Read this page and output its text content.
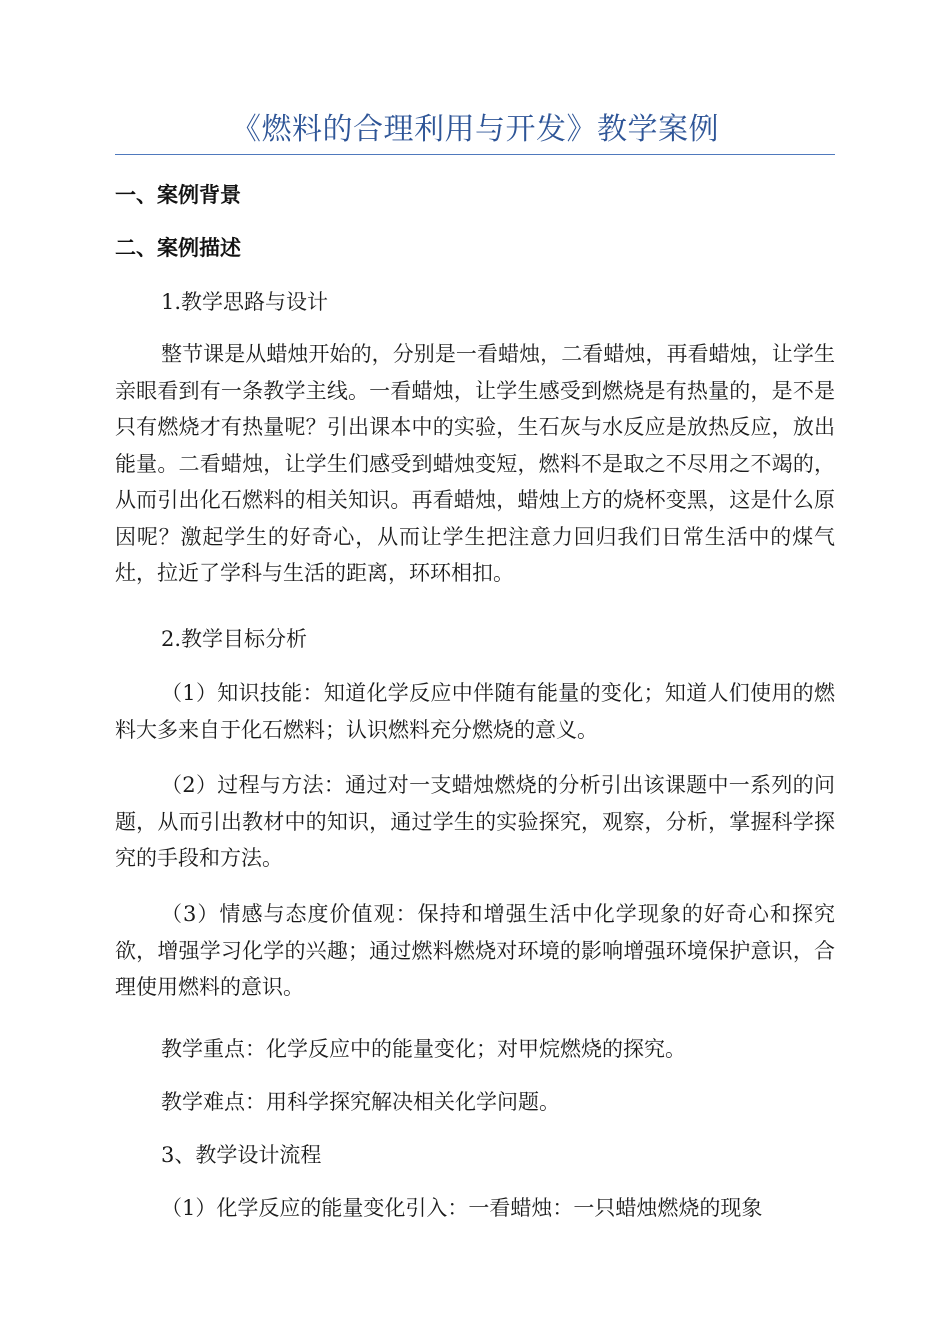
《燃料的合理利用与开发》教学案例
一、案例背景
二、案例描述
1.教学思路与设计

整节课是从蜡烛开始的，分别是一看蜡烛，二看蜡烛，再看蜡烛，让学生亲眼看到有一条教学主线。一看蜡烛，让学生感受到燃烧是有热量的，是不是只有燃烧才有热量呢？引出课本中的实验，生石灰与水反应是放热反应，放出能量。二看蜡烛，让学生们感受到蜡烛变短，燃料不是取之不尽用之不竭的，从而引出化石燃料的相关知识。再看蜡烛，蜡烛上方的烧杯变黑，这是什么原因呢？激起学生的好奇心，从而让学生把注意力回归我们日常生活中的煤气灶，拉近了学科与生活的距离，环环相扣。

2.教学目标分析

（1）知识技能：知道化学反应中伴随有能量的变化；知道人们使用的燃料大多来自于化石燃料；认识燃料充分燃烧的意义。

（2）过程与方法：通过对一支蜡烛燃烧的分析引出该课题中一系列的问题，从而引出教材中的知识，通过学生的实验探究，观察，分析，掌握科学探究的手段和方法。

（3）情感与态度价值观：保持和增强生活中化学现象的好奇心和探究欲，增强学习化学的兴趣；通过燃料燃烧对环境的影响增强环境保护意识，合理使用燃料的意识。

教学重点：化学反应中的能量变化；对甲烷燃烧的探究。
教学难点：用科学探究解决相关化学问题。
3、教学设计流程
（1）化学反应的能量变化引入：一看蜡烛：一只蜡烛燃烧的现象
